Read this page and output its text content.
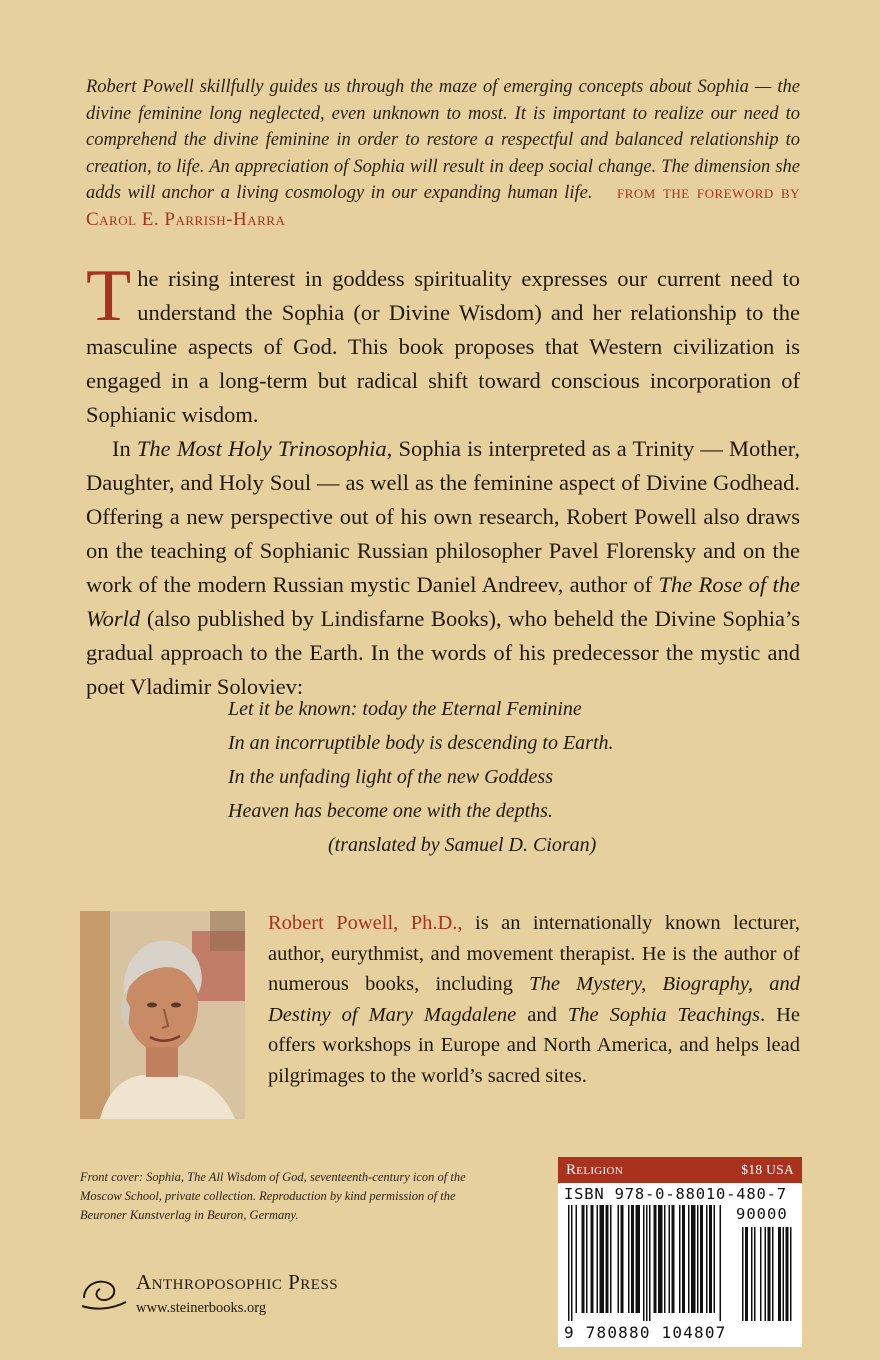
Robert Powell skillfully guides us through the maze of emerging concepts about Sophia — the divine feminine long neglected, even unknown to most. It is important to realize our need to comprehend the divine feminine in order to restore a respectful and balanced relationship to creation, to life. An appreciation of Sophia will result in deep social change. The dimension she adds will anchor a living cosmology in our expanding human life. from the foreword by Carol E. Parrish-Harra

The rising interest in goddess spirituality expresses our current need to understand the Sophia (or Divine Wisdom) and her relationship to the masculine aspects of God. This book proposes that Western civilization is engaged in a long-term but radical shift toward conscious incorporation of Sophianic wisdom.

In The Most Holy Trinosophia, Sophia is interpreted as a Trinity — Mother, Daughter, and Holy Soul — as well as the feminine aspect of Divine Godhead. Offering a new perspective out of his own research, Robert Powell also draws on the teaching of Sophianic Russian philosopher Pavel Florensky and on the work of the modern Russian mystic Daniel Andreev, author of The Rose of the World (also published by Lindisfarne Books), who beheld the Divine Sophia’s gradual approach to the Earth. In the words of his predecessor the mystic and poet Vladimir Soloviev:

Let it be known: today the Eternal Feminine
In an incorruptible body is descending to Earth.
In the unfading light of the new Goddess
Heaven has become one with the depths.
(translated by Samuel D. Cioran)
Robert Powell, Ph.D., is an internationally known lecturer, author, eurythmist, and movement therapist. He is the author of numerous books, including The Mystery, Biography, and Destiny of Mary Magdalene and The Sophia Teachings. He offers workshops in Europe and North America, and helps lead pilgrimages to the world’s sacred sites.
Front cover: Sophia, The All Wisdom of God, seventeenth-century icon of the Moscow School, private collection. Reproduction by kind permission of the Beuroner Kunstverlag in Beuron, Germany.
Anthroposophic Press
www.steinerbooks.org
Religion	$18 USA
ISBN 978-0-88010-480-7
90000
9 780880 104807
